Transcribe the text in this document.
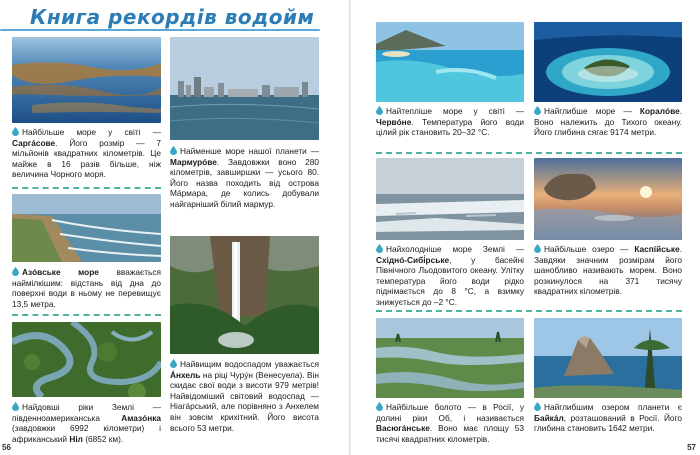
Книга рекордів водойм
Найбільше море у світі — Саргáсове. Його розмір — 7 мільйонів квадратних кілометрів. Це майже в 16 разів більше, ніж величина Чорного моря.
Найменше море нашої планети — Мармурóве. Завдовжки воно 280 кілометрів, завширшки — усього 80. Його назва походить від острова Мáрмара, де колись добували найгарніший білий мармур.
Азóвське море вважається наймілкішим: відстань від дна до поверхні води в ньому не перевищує 13,5 метра.
Найвищим водоспадом уважається Áнхель на ріці Чурýн (Венесуела). Він скидає свої води з висоти 979 метрів! Найвідоміший світовий водоспад — Ніагáрський, але порівняно з Анхелем він зовсім крихітний. Його висота всього 53 метри.
Найдовші ріки Землі — південноамериканська Амазóнка (завдовжки 6992 кілометри) і африканський Ніл (6852 км).
56
Найтепліше море у світі — Червóне. Температура його води цілий рік становить 20–32 °С.
Найглибше море — Коралóве. Воно належить до Тихого океану. Його глибина сягає 9174 метри.
Найхолодніше море Землі — Східнó-Сибі́рське, у басейні Північного Льодовитого океану. Улітку температура його води рідко піднімається до 8 °С, а взимку знижується до –2 °С.
Найбільше озеро — Каспíйське. Завдяки значним розмірам його шанобливо називають морем. Воно розкинулося на 371 тисячу квадратних кілометрів.
Найбільше болото — в Росії, у долині ріки Об, і називається Васюгáнське. Воно має площу 53 тисячі квадратних кілометрів.
Найглибшим озером планети є Байкáл, розташований в Росії. Його глибина становить 1642 метри.
57
